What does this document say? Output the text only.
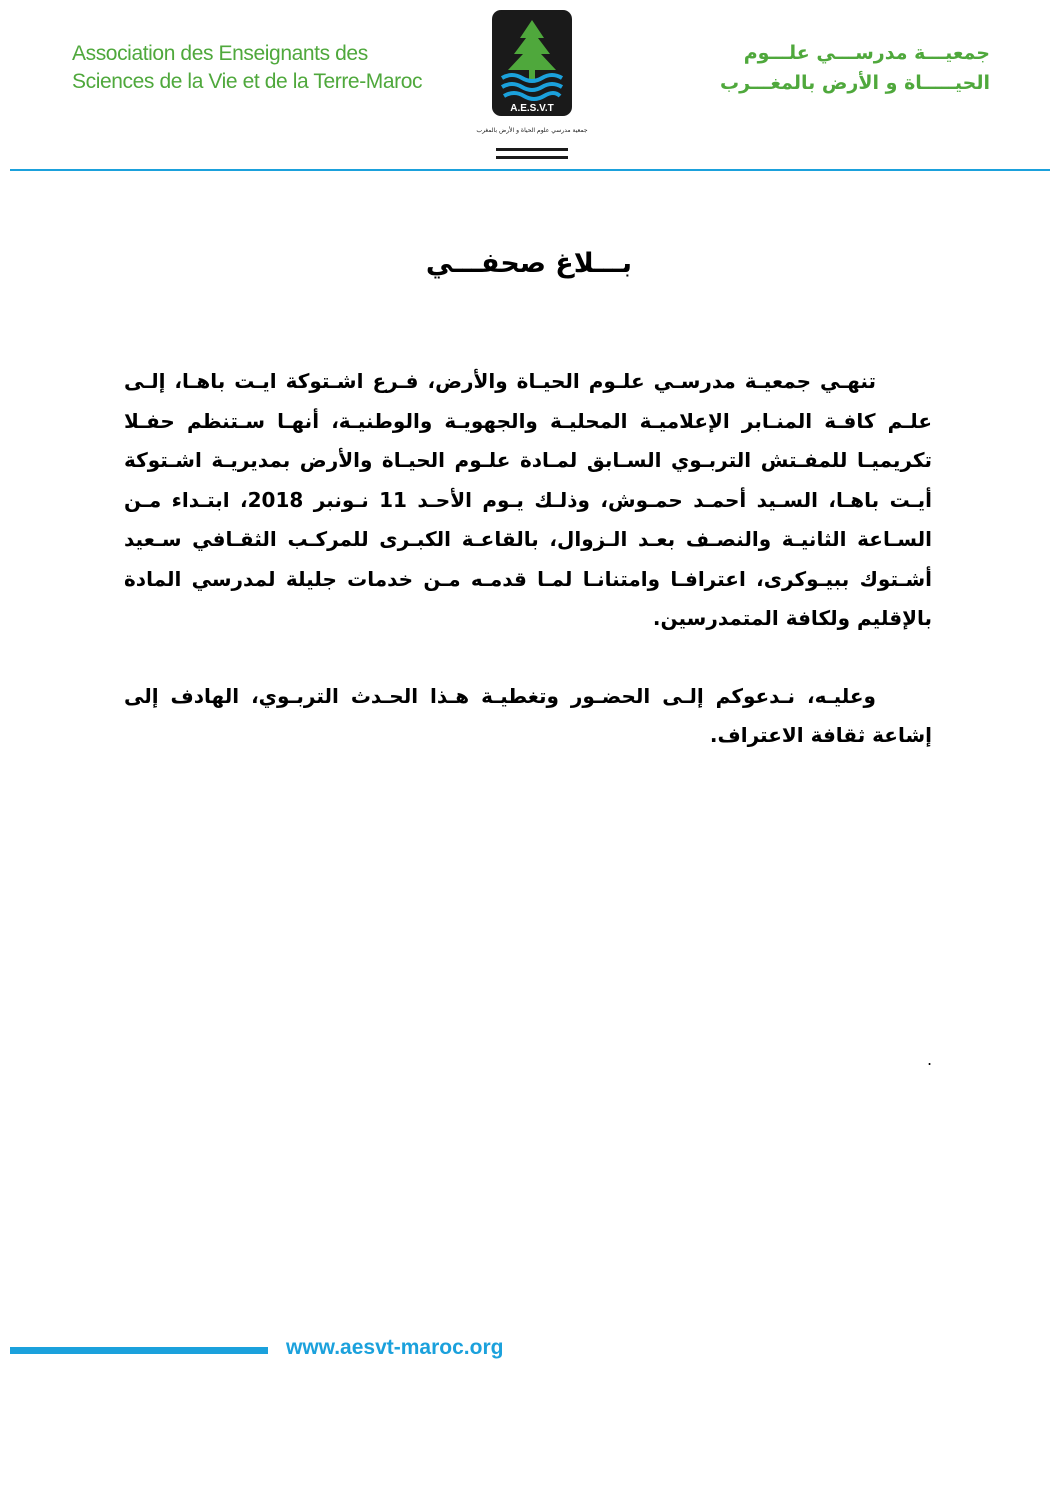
Association des Enseignants des
Sciences de la Vie et de la Terre-Maroc
جمعيـــة مدرســـي علـــوم
الحيـــــاة و الأرض بالمغـــرب
A.E.S.V.T
جمعية مدرسي علوم الحياة و الأرض بالمغرب
بـــلاغ صحفـــي

تنهـي جمعيـة مدرسـي علـوم الحيـاة والأرض، فـرع اشـتوكة ايـت باهـا، إلـى علـم كافـة المنـابر الإعلاميـة المحليـة والجهويـة والوطنيـة، أنهـا سـتنظم حفـلا تكريميـا للمفـتش التربـوي السـابق لمـادة علـوم الحيـاة والأرض بمديريـة اشـتوكة أيـت باهـا، السـيد أحمـد حمـوش، وذلـك يـوم الأحـد 11 نـونبر 2018، ابتـداء مـن السـاعة الثانيـة والنصـف بعـد الـزوال، بالقاعـة الكبـرى للمركـب الثقـافي سـعيد أشـتوك ببيـوكرى، اعترافـا وامتنانـا لمـا قدمـه مـن خدمات جليلة لمدرسي المادة بالإقليم ولكافة المتمدرسين.

وعليـه، نـدعوكم إلـى الحضـور وتغطيـة هـذا الحـدث التربـوي، الهادف إلى إشاعة ثقافة الاعتراف.

.
www.aesvt-maroc.org
